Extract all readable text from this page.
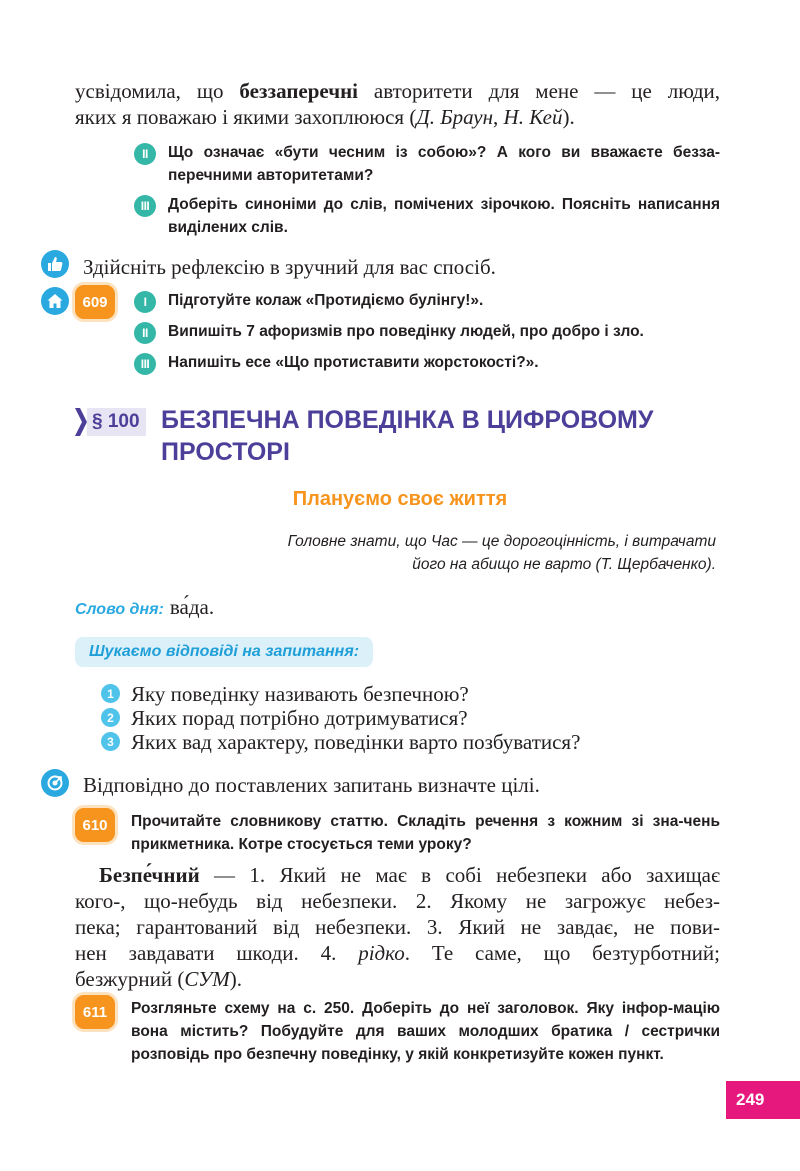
усвідомила, що беззаперечні авторитети для мене — це люди,
яких я поважаю і якими захоплююся (Д. Браун, Н. Кей).
II	Що означає «бути чесним із собою»? А кого ви вважаєте безза-перечними авторитетами?
III	Доберіть синоніми до слів, помічених зірочкою. Поясніть написання виділених слів.
Здійсніть рефлексію в зручний для вас спосіб.
609	I	Підготуйте колаж «Протидіємо булінгу!».
II	Випишіть 7 афоризмів про поведінку людей, про добро і зло.
III	Напишіть есе «Що протиставити жорстокості?».
§ 100 БЕЗПЕЧНА ПОВЕДІНКА В ЦИФРОВОМУ
ПРОСТОРІ
Плануємо своє життя
Головне знати, що Час — це дорогоцінність, і витрачати
його на абищо не варто (Т. Щербаченко).
Слово дня: ва́да.
Шукаємо відповіді на запитання:
1 Яку поведінку називають безпечною?
2 Яких порад потрібно дотримуватися?
3 Яких вад характеру, поведінки варто позбуватися?
Відповідно до поставлених запитань визначте цілі.
610	Прочитайте словникову статтю. Складіть речення з кожним зі зна-чень прикметника. Котре стосується теми уроку?
Безпе́чний — 1. Який не має в собі небезпеки або захищає
кого-, що-небудь від небезпеки. 2. Якому не загрожує небез-
пека; гарантований від небезпеки. 3. Який не завдає, не пови-
нен завдавати шкоди. 4. рідко. Те саме, що безтурботний;
безжурний (СУМ).
611	Розгляньте схему на с. 250. Доберіть до неї заголовок. Яку інфор-мацію вона містить? Побудуйте для ваших молодших братика / сестрички розповідь про безпечну поведінку, у якій конкретизуйте кожен пункт.
249
